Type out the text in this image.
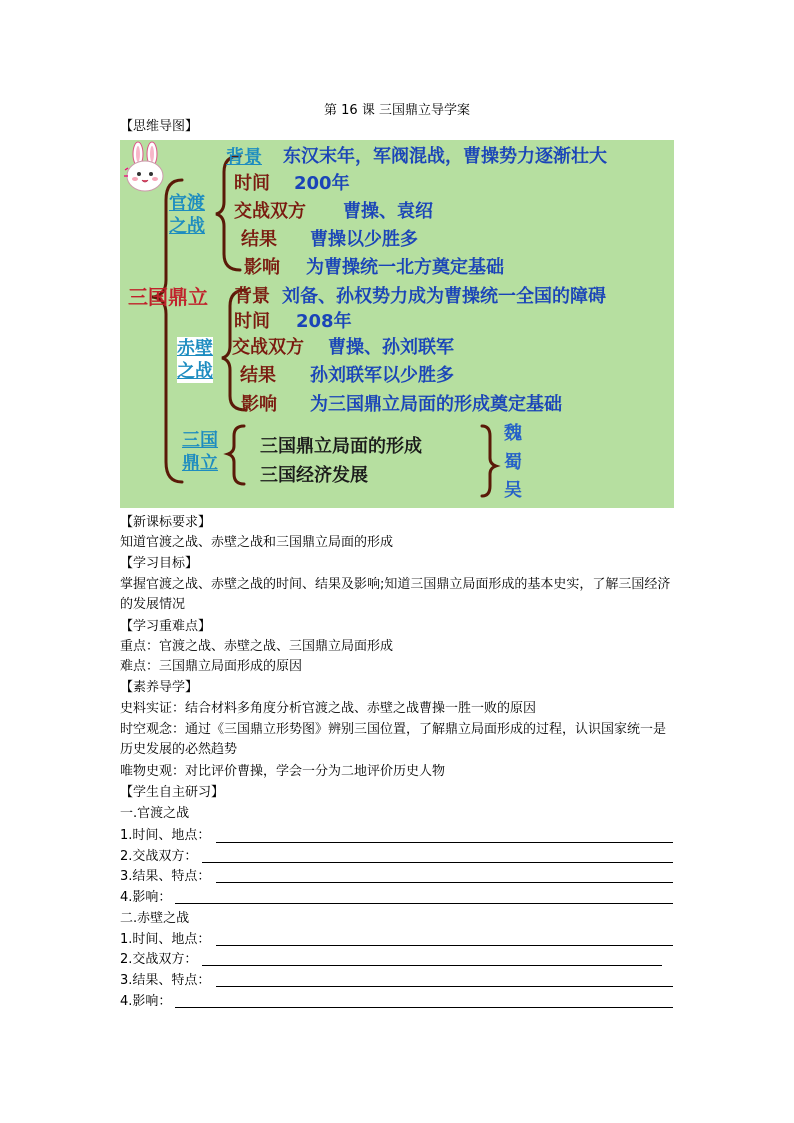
第 16 课 三国鼎立导学案
【思维导图】
三国鼎立
官渡
之战
背景 东汉末年，军阀混战，曹操势力逐渐壮大
时间 200年
交战双方 曹操、袁绍
结果 曹操以少胜多
影响 为曹操统一北方奠定基础
赤壁
之战
背景 刘备、孙权势力成为曹操统一全国的障碍
时间 208年
交战双方 曹操、孙刘联军
结果 孙刘联军以少胜多
影响 为三国鼎立局面的形成奠定基础
三国
鼎立
三国鼎立局面的形成
三国经济发展
魏
蜀
吴
【新课标要求】
知道官渡之战、赤壁之战和三国鼎立局面的形成
【学习目标】
掌握官渡之战、赤壁之战的时间、结果及影响;知道三国鼎立局面形成的基本史实，了解三国经济的发展情况
【学习重难点】
重点：官渡之战、赤壁之战、三国鼎立局面形成
难点：三国鼎立局面形成的原因
【素养导学】
史料实证：结合材料多角度分析官渡之战、赤壁之战曹操一胜一败的原因
时空观念：通过《三国鼎立形势图》辨别三国位置，了解鼎立局面形成的过程，认识国家统一是历史发展的必然趋势
唯物史观：对比评价曹操，学会一分为二地评价历史人物
【学生自主研习】
一.官渡之战
1.时间、地点：
2.交战双方：
3.结果、特点：
4.影响：
二.赤壁之战
1.时间、地点：
2.交战双方：
3.结果、特点：
4.影响：
